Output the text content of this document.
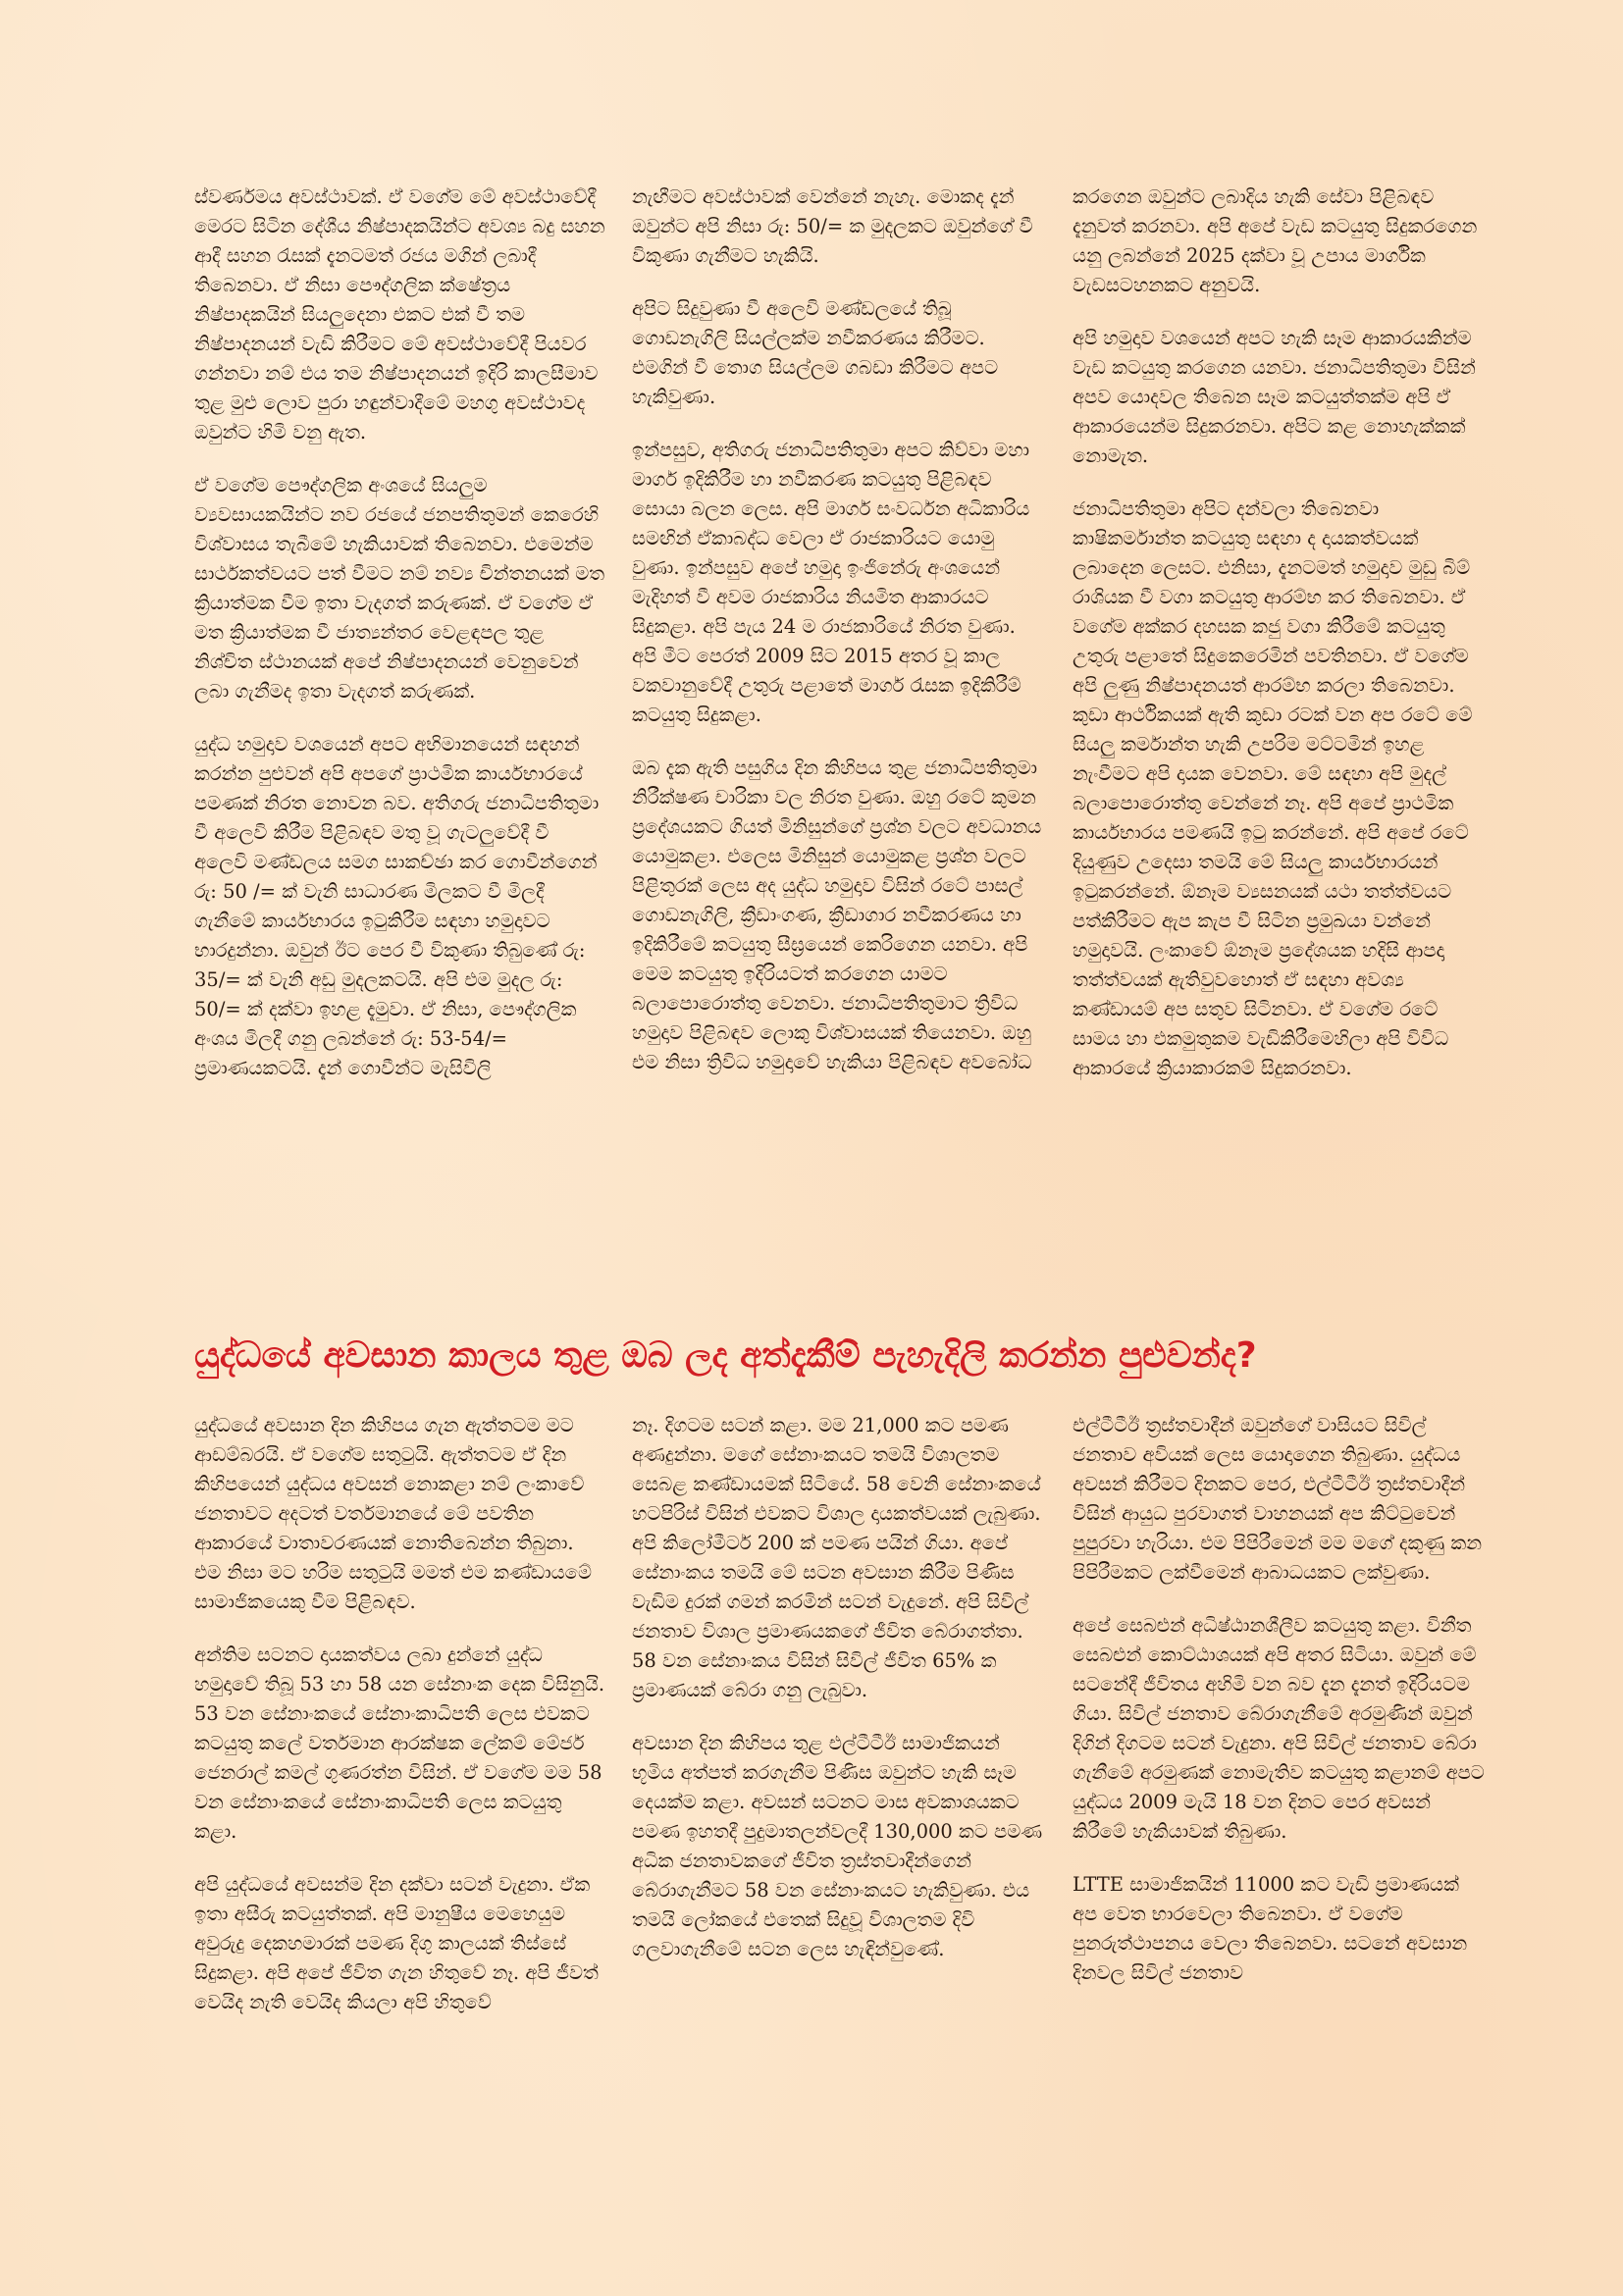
ස්වර්ණමය අවස්ථාවක්. ඒ වගේම මේ අවස්ථාවේදී මෙරට සිටින දේශීය නිෂ්පාදකයින්ට අවශ්‍ය බදු සහන ආදී සහන රැසක් දැනටමත් රජය මගින් ලබාදී තිබෙනවා. ඒ නිසා පෞද්ගලික ක්ෂේත්‍රය නිෂ්පාදකයින් සියලුදෙනා එකට එක් වී තම නිෂ්පාදනයන් වැඩි කිරීමට මේ අවස්ථාවේදී පියවර ගන්නවා නම් එය තම නිෂ්පාදනයන් ඉදිරි කාලසීමාව තුළ මුළු ලොව පුරා හඳුන්වාදීමේ මහගු අවස්ථාවද ඔවුන්ට හිමි වනු ඇත.

ඒ වගේම පෞද්ගලික අංශයේ සියලුම ව්‍යවසායකයින්ට නව රජයේ ජනපතිතුමන් කෙරෙහි විශ්වාසය තැබීමේ හැකියාවක් තිබෙනවා. එමෙන්ම සාර්ථකත්වයට පත් වීමට නම් නව්‍ය චින්තනයක් මත ක්‍රියාත්මක වීම ඉතා වැදගත් කරුණක්. ඒ වගේම ඒ මත ක්‍රියාත්මක වී ජාත්‍යන්තර වෙළඳපල තුළ නිශ්චිත ස්ථානයක් අපේ නිෂ්පාදනයන් වෙනුවෙන් ලබා ගැනීමද ඉතා වැදගත් කරුණක්.

යුද්ධ හමුදාව වශයෙන් අපට අභිමානයෙන් සඳහන් කරන්න පුළුවන් අපි අපගේ ප්‍රාථමික කාර්යභාරයේ පමණක් නිරත නොවන බව. අතිගරු ජනාධිපතිතුමා වී අලෙවි කිරීම පිළිබඳව මතු වූ ගැටලුවේදී වී අලෙවි මණ්ඩලය සමග සාකච්ඡා කර ගොවීන්ගෙන් රු: 50 /= ක් වැනි සාධාරණ මිලකට වී මිලදී ගැනීමේ කාර්යභාරය ඉටුකිරීම සඳහා හමුදාවට භාරදුන්නා. ඔවුන් ඊට පෙර වී විකුණා තිබුණේ රු: 35/= ක් වැනි අඩු මුදලකටයි. අපි එම මුදල රු: 50/= ක් දක්වා ඉහළ දැමුවා. ඒ නිසා, පෞද්ගලික අංශය මිලදී ගනු ලබන්නේ රු: 53-54/= ප්‍රමාණයකටයි. දැන් ගොවීන්ට මැසිවිලි

නැඟීමට අවස්ථාවක් වෙන්නේ නැහැ. මොකද දැන් ඔවුන්ට අපි නිසා රු: 50/= ක මුදලකට ඔවුන්ගේ වී විකුණා ගැනීමට හැකියි.

අපිට සිදුවුණා වී අලෙවි මණ්ඩලයේ තිබූ ගොඩනැගිලි සියල්ලක්ම නවීකරණය කිරීමට. එමගින් වී තොග සියල්ලම ගබඩා කිරීමට අපට හැකිවුණා.

ඉන්පසුව, අතිගරු ජනාධිපතිතුමා අපට කිව්වා මහා මාර්ග ඉදිකිරීම හා නවීකරණ කටයුතු පිළිබඳව සොයා බලන ලෙස. අපි මාර්ග සංවර්ධන අධිකාරිය සමඟින් ඒකාබද්ධ වෙලා ඒ රාජකාරියට යොමු වුණා. ඉන්පසුව අපේ හමුදා ඉංජිනේරු අංශයෙන් මැදිහත් වී අවම රාජකාරිය නියමිත ආකාරයට සිදුකළා. අපි පැය 24 ම රාජකාරියේ නිරත වුණා. අපි මීට පෙරත් 2009 සිට 2015 අතර වූ කාල වකවානුවේදී උතුරු පළාතේ මාර්ග රැසක ඉදිකිරීම් කටයුතු සිදුකළා.

ඔබ දැක ඇති පසුගිය දින කිහිපය තුළ ජනාධිපතිතුමා නිරීක්ෂණ චාරිකා වල නිරත වුණා. ඔහු රටේ කුමන ප්‍රදේශයකට ගියත් මිනිසුන්ගේ ප්‍රශ්න වලට අවධානය යොමුකළා. එලෙස මිනිසුන් යොමුකළ ප්‍රශ්න වලට පිළිතුරක් ලෙස අද යුද්ධ හමුදාව විසින් රටේ පාසල් ගොඩනැගිලි, ක්‍රීඩාංගණ, ක්‍රීඩාගාර නවීකරණය හා ඉදිකිරීමේ කටයුතු සීඝ්‍රයෙන් කෙරිගෙන යනවා. අපි මෙම කටයුතු ඉදිරියටත් කරගෙන යාමට බලාපොරොත්තු වෙනවා. ජනාධිපතිතුමාට ත්‍රිවිධ හමුදාව පිළිබඳව ලොකු විශ්වාසයක් තියෙනවා. ඔහු එම නිසා ත්‍රිවිධ හමුදාවේ හැකියා පිළිබඳව අවබෝධ

කරගෙන ඔවුන්ට ලබාදිය හැකි සේවා පිළිබඳව දැනුවත් කරනවා. අපි අපේ වැඩ කටයුතු සිදුකරගෙන යනු ලබන්නේ 2025 දක්වා වූ උපාය මාර්ගික වැඩසටහනකට අනුවයි.

අපි හමුදාව වශයෙන් අපට හැකි සෑම ආකාරයකින්ම වැඩ කටයුතු කරගෙන යනවා. ජනාධිපතිතුමා විසින් අපව යොදවල තිබෙන සෑම කටයුත්තක්ම අපි ඒ ආකාරයෙන්ම සිදුකරනවා. අපිට කළ නොහැක්කක් නොමැත.

ජනාධිපතිතුමා අපිට දන්වලා තිබෙනවා කාෂිකර්මාන්ත කටයුතු සඳහා ද දායකත්වයක් ලබාදෙන ලෙසට. එනිසා, දැනටමත් හමුදාව මුඩු බිම් රාශියක වී වගා කටයුතු ආරම්භ කර තිබෙනවා. ඒ වගේම අක්කර දහසක කජු වගා කිරීමේ කටයුතු උතුරු පළාතේ සිදුකෙරෙමින් පවතිනවා. ඒ වගේම අපි ලුණු නිෂ්පාදනයත් ආරම්භ කරලා තිබෙනවා. කුඩා ආර්ථිකයක් ඇති කුඩා රටක් වන අප රටේ මේ සියලු කර්මාන්ත හැකි උපරිම මට්ටමින් ඉහළ නැංවීමට අපි දායක වෙනවා. මේ සඳහා අපි මුදල් බලාපොරොත්තු වෙන්නේ නෑ. අපි අපේ ප්‍රාථමික කාර්යභාරය පමණයි ඉටු කරන්නේ. අපි අපේ රටේ දියුණුව උදෙසා තමයි මේ සියලු කාර්යභාරයන් ඉටුකරන්නේ. ඕනෑම ව්‍යසනයක් යථා තත්ත්වයට පත්කිරීමට ඇප කැප වී සිටින ප්‍රමුඛයා වන්නේ හමුදාවයි. ලංකාවේ ඕනෑම ප්‍රදේශයක හදිසි ආපදා තත්ත්වයක් ඇතිවුවහොත් ඒ සඳහා අවශ්‍ය කණ්ඩායම් අප සතුව සිටිනවා. ඒ වගේම රටේ සාමය හා එකමුතුකම වැඩිකිරීමෙහිලා අපි විවිධ ආකාරයේ ක්‍රියාකාරකම් සිදුකරනවා.

යුද්ධයේ අවසාන කාලය තුළ ඔබ ලද අත්දැකීම් පැහැදිලි කරන්න පුළුවන්ද?

යුද්ධයේ අවසාන දින කිහිපය ගැන ඇත්තටම මට ආඩම්බරයි. ඒ වගේම සතුටුයි. ඇත්තටම ඒ දින කිහිපයෙන් යුද්ධය අවසන් නොකළා නම් ලංකාවේ ජනතාවට අදටත් වර්තමානයේ මේ පවතින ආකාරයේ වාතාවරණයක් නොතිබෙන්න තිබුනා. එම නිසා මට හරිම සතුටුයි මමත් එම කණ්ඩායමේ සාමාජිකයෙකු වීම පිළිබඳව.

අන්තිම සටනට දායකත්වය ලබා දුන්නේ යුද්ධ හමුදාවේ තිබූ 53 හා 58 යන සේනාංක දෙක විසිනුයි. 53 වන සේනාංකයේ සේනාංකාධිපති ලෙස එවකට කටයුතු කලේ වර්තමාන ආරක්ෂක ලේකම් මේජර් ජෙනරාල් කමල් ගුණරත්න විසින්. ඒ වගේම මම 58 වන සේනාංකයේ සේනාංකාධිපති ලෙස කටයුතු කළා.

අපි යුද්ධයේ අවසන්ම දින දක්වා සටන් වැදුනා. ඒක ඉතා අසීරු කටයුත්තක්. අපි මානුෂීය මෙහෙයුම අවුරුදු දෙකහමාරක් පමණ දිගු කාලයක් තිස්සේ සිදුකළා. අපි අපේ ජීවිත ගැන හිතුවේ නෑ. අපි ජීවත් වෙයිද නැති වෙයිද කියලා අපි හිතුවේ

නෑ. දිගටම සටන් කළා. මම 21,000 කට පමණ අණදුන්නා. මගේ සේනාංකයට තමයි විශාලතම සෙබළ කණ්ඩායමක් සිටියේ. 58 වෙනි සේනාංකයේ හටපිරිස් විසින් එවකට විශාල දායකත්වයක් ලැබුණා. අපි කිලෝමීටර් 200 ක් පමණ පයින් ගියා. අපේ සේනාංකය තමයි මේ සටන අවසාන කිරීම පිණිස වැඩිම දුරක් ගමන් කරමින් සටන් වැදුනේ. අපි සිවිල් ජනතාව විශාල ප්‍රමාණයකගේ ජීවිත බේරාගත්තා. 58 වන සේනාංකය විසින් සිවිල් ජීවිත 65% ක ප්‍රමාණයක් බේරා ගනු ලැබුවා.

අවසාන දින කිහිපය තුළ එල්ටීටීඊ සාමාජිකයන් භූමිය අත්පත් කරගැනීම පිණිස ඔවුන්ට හැකි සෑම දෙයක්ම කළා. අවසන් සටනට මාස අවකාශයකට පමණ ඉහතදී පුදුමාතලන්වලදී 130,000 කට පමණ අධික ජනතාවකගේ ජීවිත ත්‍රස්තවාදීන්ගෙන් බේරාගැනීමට 58 වන සේනාංකයට හැකිවුණා. එය තමයි ලෝකයේ එතෙක් සිදුවූ විශාලතම දිවි ගලවාගැනීමේ සටන ලෙස හැඳින්වුණේ.

එල්ටීටීඊ ත්‍රස්තවාදීන් ඔවුන්ගේ වාසියට සිවිල් ජනතාව අවියක් ලෙස යොදාගෙන තිබුණා. යුද්ධය අවසන් කිරීමට දිනකට පෙර, එල්ටීටීඊ ත්‍රස්තවාදීන් විසින් ආයුධ පුරවාගත් වාහනයක් අප කිට්ටුවෙන් පුපුරවා හැරියා. එම පිපිරීමෙන් මම මගේ දකුණු කන පිපිරීමකට ලක්වීමෙන් ආබාධයකට ලක්වුණා.

අපේ සෙබළුන් අධිෂ්ඨානශීලීව කටයුතු කළා. විනීත සෙබළුන් කොට්ඨාශයක් අපි අතර සිටියා. ඔවුන් මේ සටනේදී ජීවිතය අහිමි වන බව දැන දැනත් ඉදිරියටම ගියා. සිවිල් ජනතාව බේරාගැනීමේ අරමුණින් ඔවුන් දිගින් දිගටම සටන් වැදුනා. අපි සිවිල් ජනතාව බේරා ගැනීමේ අරමුණක් නොමැතිව කටයුතු කළානම් අපට යුද්ධය 2009 මැයි 18 වන දිනට පෙර අවසන් කිරීමේ හැකියාවක් තිබුණා.

LTTE සාමාජිකයින් 11000 කට වැඩි ප්‍රමාණයක් අප වෙත භාරවෙලා තිබෙනවා. ඒ වගේම පුනරුත්ථාපනය වෙලා තිබෙනවා. සටනේ අවසාන දිනවල සිවිල් ජනතාව
